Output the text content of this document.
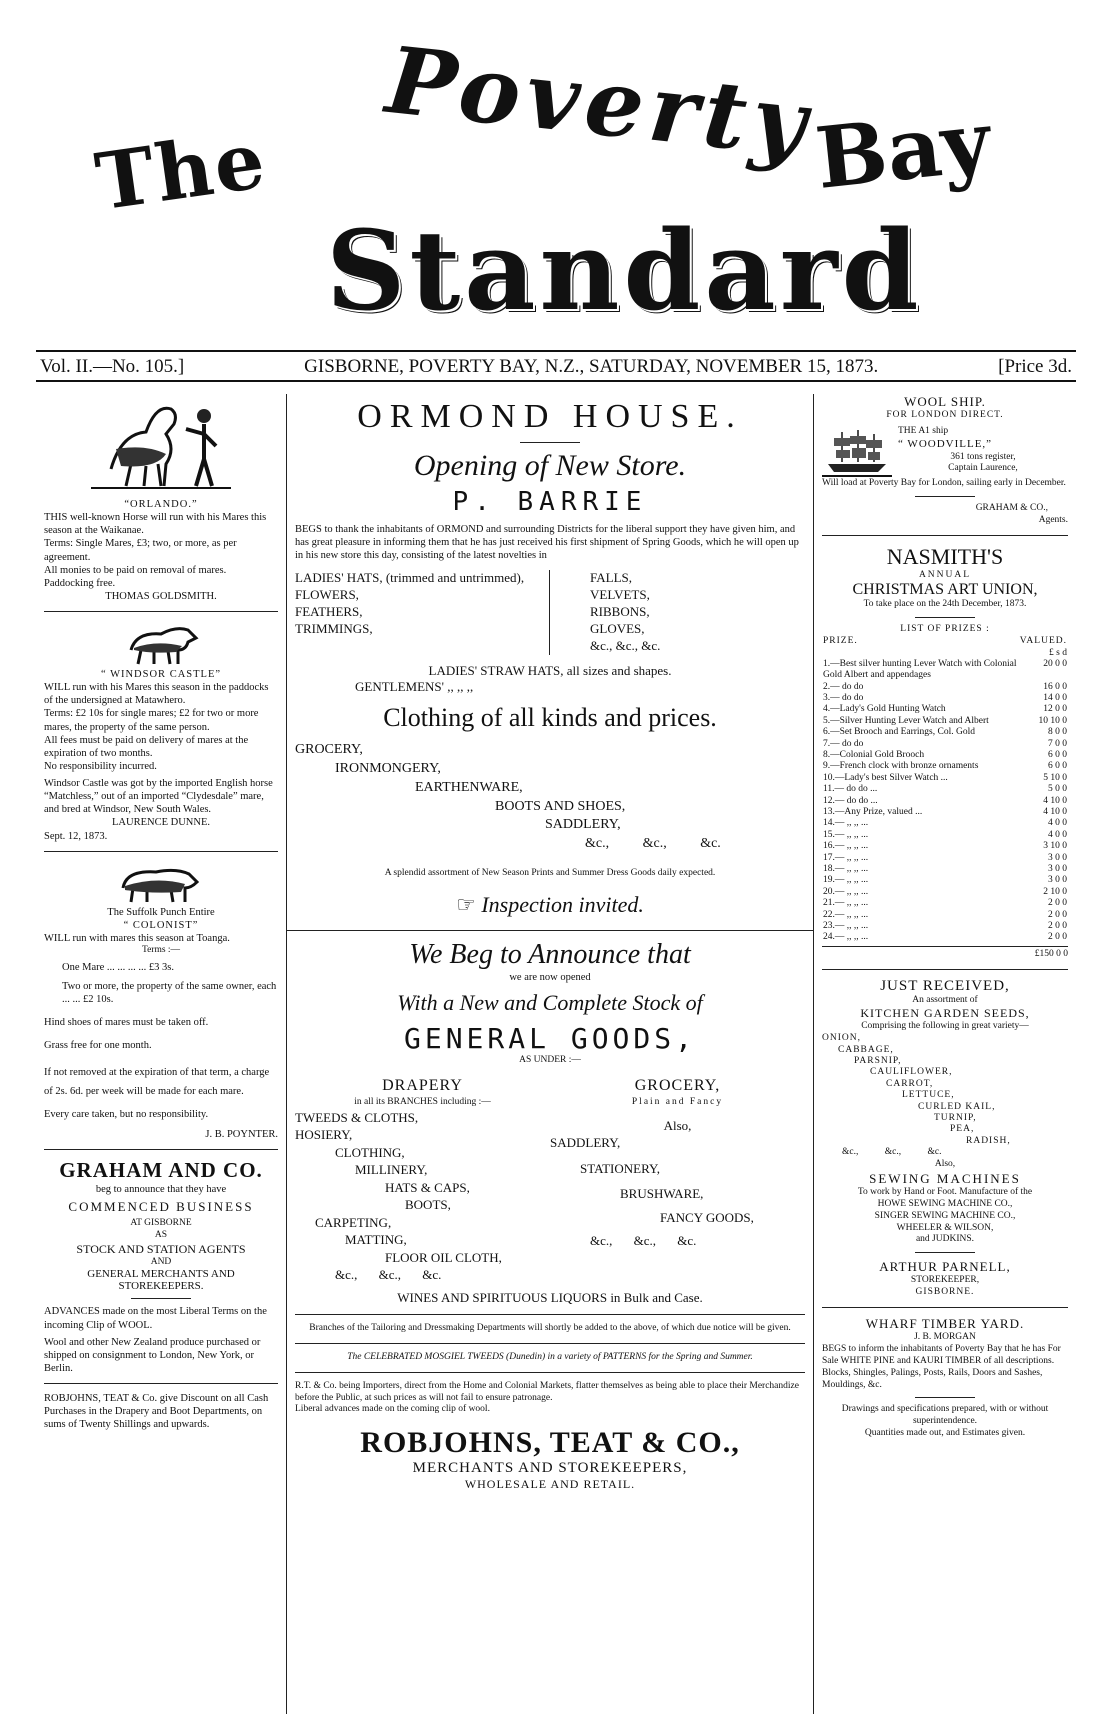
The Poverty
Bay
Standard
Vol. II.—No. 105.]	GISBORNE, POVERTY BAY, N.Z., SATURDAY, NOVEMBER 15, 1873.	[Price 3d.
“ORLANDO.”

THIS well-known Horse will run with his Mares this season at the Waikanae.

Terms: Single Mares, £3; two, or more, as per agreement.

All monies to be paid on removal of mares.

Paddocking free.

THOMAS GOLDSMITH.

“ WINDSOR CASTLE”

WILL run with his Mares this season in the paddocks of the undersigned at Matawhero.

Terms: £2 10s for single mares; £2 for two or more mares, the property of the same person.

All fees must be paid on delivery of mares at the expiration of two months.

No responsibility incurred.

Windsor Castle was got by the imported English horse “Matchless,” out of an imported “Clydesdale” mare, and bred at Windsor, New South Wales.

LAURENCE DUNNE.

Sept. 12, 1873.

The Suffolk Punch Entire
“ COLONIST”

WILL run with mares this season at Toanga.

Terms :—

One Mare ... ... ... ... £3 3s.

Two or more, the property of the same owner, each ... ... £2 10s.

Hind shoes of mares must be taken off.

Grass free for one month.

If not removed at the expiration of that term, a charge of 2s. 6d. per week will be made for each mare.

Every care taken, but no responsibility.

J. B. POYNTER.

GRAHAM AND CO.
beg to announce that they have
COMMENCED BUSINESS
AT GISBORNE
AS
STOCK AND STATION AGENTS
AND
GENERAL MERCHANTS AND STOREKEEPERS.

ADVANCES made on the most Liberal Terms on the incoming Clip of WOOL.

Wool and other New Zealand produce purchased or shipped on consignment to London, New York, or Berlin.

ROBJOHNS, TEAT & Co. give Discount on all Cash Purchases in the Drapery and Boot Departments, on sums of Twenty Shillings and upwards.

ORMOND HOUSE.
Opening of New Store.
P. BARRIE

BEGS to thank the inhabitants of ORMOND and surrounding Districts for the liberal support they have given him, and has great pleasure in informing them that he has just received his first shipment of Spring Goods, which he will open up in his new store this day, consisting of the latest novelties in

LADIES' HATS, (trimmed and untrimmed),
FLOWERS,
FEATHERS,
TRIMMINGS,
FALLS,
VELVETS,
RIBBONS,
GLOVES,
&c., &c., &c.
LADIES' STRAW HATS, all sizes and shapes.
GENTLEMENS' ,, ,, ,,
Clothing of all kinds and prices.
GROCERY,
IRONMONGERY,
EARTHENWARE,
BOOTS AND SHOES,
SADDLERY,
&c., &c., &c.

A splendid assortment of New Season Prints and Summer Dress Goods daily expected.

☞ Inspection invited.
We Beg to Announce that
we are now opened
With a New and Complete Stock of
GENERAL GOODS,
AS UNDER :—
DRAPERY
in all its BRANCHES including :—
TWEEDS & CLOTHS,
HOSIERY,
CLOTHING,
MILLINERY,
HATS & CAPS,
BOOTS,
CARPETING,
MATTING,
FLOOR OIL CLOTH,
&c., &c., &c.
GROCERY,
Plain and Fancy
Also,
SADDLERY,
STATIONERY,
BRUSHWARE,
FANCY GOODS,
&c., &c., &c.
WINES AND SPIRITUOUS LIQUORS in Bulk and Case.

Branches of the Tailoring and Dressmaking Departments will shortly be added to the above, of which due notice will be given.

The CELEBRATED MOSGIEL TWEEDS (Dunedin) in a variety of PATTERNS for the Spring and Summer.

R.T. & Co. being Importers, direct from the Home and Colonial Markets, flatter themselves as being able to place their Merchandize before the Public, at such prices as will not fail to ensure patronage.

Liberal advances made on the coming clip of wool.

ROBJOHNS, TEAT & CO.,
MERCHANTS AND STOREKEEPERS,
WHOLESALE AND RETAIL.
WOOL SHIP.
FOR LONDON DIRECT.
THE A1 ship
“ WOODVILLE,”
361 tons register,
Captain Laurence,

Will load at Poverty Bay for London, sailing early in December.

GRAHAM & CO.,
Agents.
NASMITH'S
ANNUAL
CHRISTMAS ART UNION,
To take place on the 24th December, 1873.
LIST OF PRIZES :
PRIZE.	VALUED.
	£ s d
1.—Best silver hunting Lever Watch with Colonial Gold Albert and appendages	20 0 0
2.— do do	16 0 0
3.— do do	14 0 0
4.—Lady's Gold Hunting Watch	12 0 0
5.—Silver Hunting Lever Watch and Albert	10 10 0
6.—Set Brooch and Earrings, Col. Gold	8 0 0
7.— do do	7 0 0
8.—Colonial Gold Brooch	6 0 0
9.—French clock with bronze ornaments	6 0 0
10.—Lady's best Silver Watch ...	5 10 0
11.— do do ...	5 0 0
12.— do do ...	4 10 0
13.—Any Prize, valued ...	4 10 0
14.— ,, ,, ...	4 0 0
15.— ,, ,, ...	4 0 0
16.— ,, ,, ...	3 10 0
17.— ,, ,, ...	3 0 0
18.— ,, ,, ...	3 0 0
19.— ,, ,, ...	3 0 0
20.— ,, ,, ...	2 10 0
21.— ,, ,, ...	2 0 0
22.— ,, ,, ...	2 0 0
23.— ,, ,, ...	2 0 0
24.— ,, ,, ...	2 0 0
£150 0 0
JUST RECEIVED,
An assortment of
KITCHEN GARDEN SEEDS,
Comprising the following in great variety—
ONION,
CABBAGE,
PARSNIP,
CAULIFLOWER,
CARROT,
LETTUCE,
CURLED KAIL,
TURNIP,
PEA,
RADISH,
&c., &c., &c.
Also,
SEWING MACHINES
To work by Hand or Foot. Manufacture of the
HOWE SEWING MACHINE CO.,
SINGER SEWING MACHINE CO.,
WHEELER & WILSON,
and JUDKINS.
ARTHUR PARNELL,
STOREKEEPER,
GISBORNE.
WHARF TIMBER YARD.
J. B. MORGAN

BEGS to inform the inhabitants of Poverty Bay that he has For Sale WHITE PINE and KAURI TIMBER of all descriptions. Blocks, Shingles, Palings, Posts, Rails, Doors and Sashes, Mouldings, &c.

Drawings and specifications prepared, with or without superintendence.

Quantities made out, and Estimates given.
